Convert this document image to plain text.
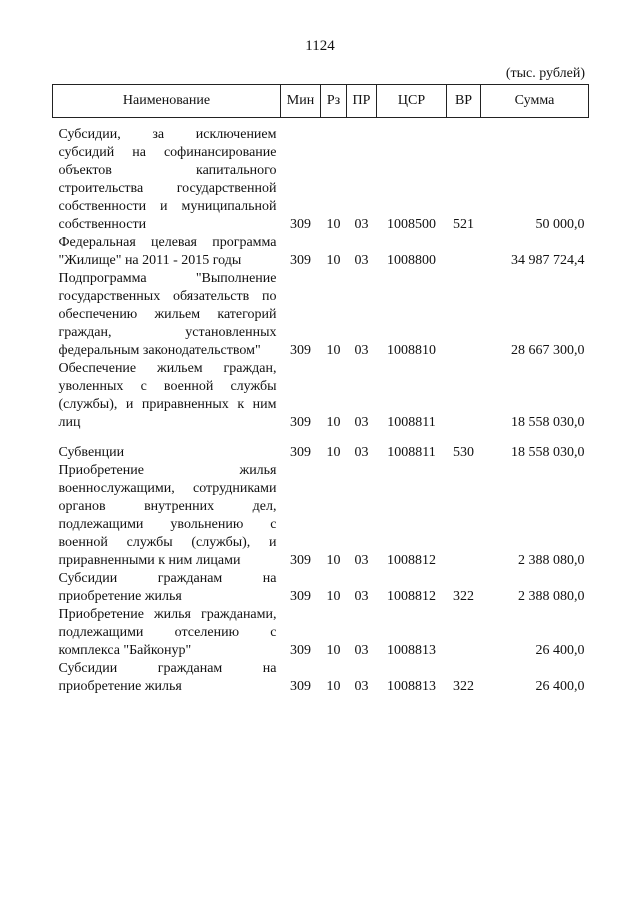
1124
(тыс. рублей)
Наименование	Мин	Рз	ПР	ЦСР	ВР	Сумма
Субсидии, за исключением субсидий на софинансирование объектов капитального строительства государственной собственности и муниципальной собственности	309	10	03	1008500	521	50 000,0
Федеральная целевая программа "Жилище" на 2011 - 2015 годы	309	10	03	1008800		34 987 724,4
Подпрограмма "Выполнение государственных обязательств по обеспечению жильем категорий граждан, установленных федеральным законодательством"	309	10	03	1008810		28 667 300,0
Обеспечение жильем граждан, уволенных с военной службы (службы), и приравненных к ним лиц	309	10	03	1008811		18 558 030,0
Субвенции	309	10	03	1008811	530	18 558 030,0
Приобретение жилья военнослужащими, сотрудниками органов внутренних дел, подлежащими увольнению с военной службы (службы), и приравненными к ним лицами	309	10	03	1008812		2 388 080,0
Субсидии гражданам на приобретение жилья	309	10	03	1008812	322	2 388 080,0
Приобретение жилья гражданами, подлежащими отселению с комплекса "Байконур"	309	10	03	1008813		26 400,0
Субсидии гражданам на приобретение жилья	309	10	03	1008813	322	26 400,0
